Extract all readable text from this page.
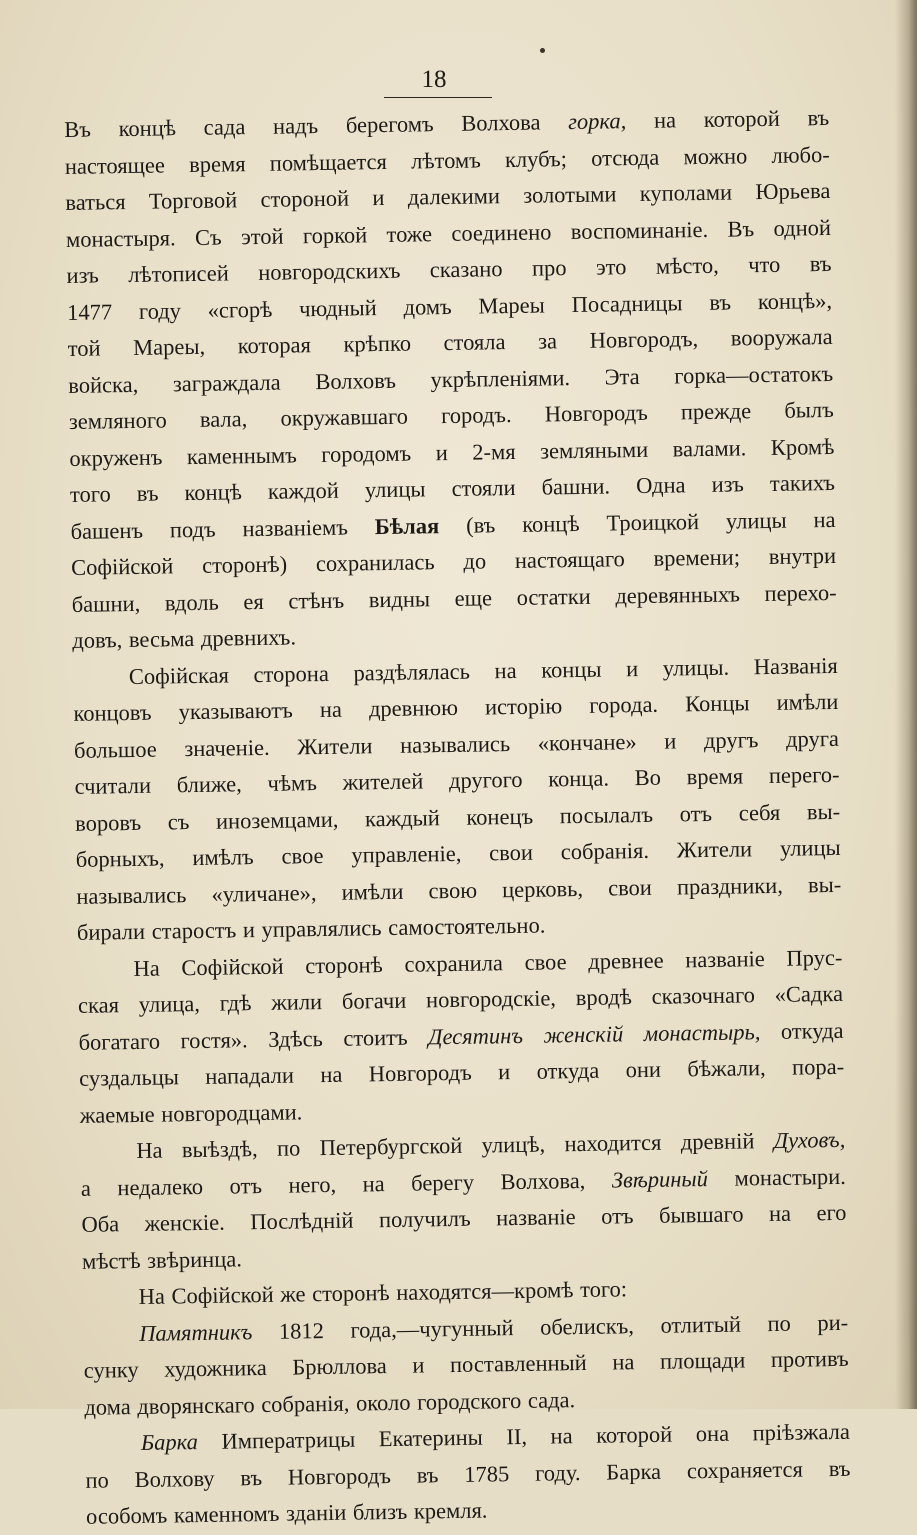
18
Въ концѣ сада надъ берегомъ Волхова горка, на которой въ
настоящее время помѣщается лѣтомъ клубъ; отсюда можно любо-
ваться Торговой стороной и далекими золотыми куполами Юрьева
монастыря. Съ этой горкой тоже соединено воспоминаніе. Въ одной
изъ лѣтописей новгородскихъ сказано про это мѣсто, что въ
1477 году «сгорѣ чюдный домъ Мареы Посадницы въ концѣ»,
той Мареы, которая крѣпко стояла за Новгородъ, вооружала
войска, заграждала Волховъ укрѣпленіями. Эта горка—остатокъ
земляного вала, окружавшаго городъ. Новгородъ прежде былъ
окруженъ каменнымъ городомъ и 2-мя земляными валами. Кромѣ
того въ концѣ каждой улицы стояли башни. Одна изъ такихъ
башенъ подъ названіемъ Бѣлая (въ концѣ Троицкой улицы на
Софійской сторонѣ) сохранилась до настоящаго времени; внутри
башни, вдоль ея стѣнъ видны еще остатки деревянныхъ перехо-
довъ, весьма древнихъ.
Софійская сторона раздѣлялась на концы и улицы. Названія
концовъ указываютъ на древнюю исторію города. Концы имѣли
большое значеніе. Жители назывались «кончане» и другъ друга
считали ближе, чѣмъ жителей другого конца. Во время перего-
воровъ съ иноземцами, каждый конецъ посылалъ отъ себя вы-
борныхъ, имѣлъ свое управленіе, свои собранія. Жители улицы
назывались «уличане», имѣли свою церковь, свои праздники, вы-
бирали старостъ и управлялись самостоятельно.
На Софійской сторонѣ сохранила свое древнее названіе Прус-
ская улица, гдѣ жили богачи новгородскіе, вродѣ сказочнаго «Садка
богатаго гостя». Здѣсь стоитъ Десятинъ женскій монастырь, откуда
суздальцы нападали на Новгородъ и откуда они бѣжали, пора-
жаемые новгородцами.
На выѣздѣ, по Петербургской улицѣ, находится древній Духовъ,
а недалеко отъ него, на берегу Волхова, Звѣриный монастыри.
Оба женскіе. Послѣдній получилъ названіе отъ бывшаго на его
мѣстѣ звѣринца.
На Софійской же сторонѣ находятся—кромѣ того:
Памятникъ 1812 года,—чугунный обелискъ, отлитый по ри-
сунку художника Брюллова и поставленный на площади противъ
дома дворянскаго собранія, около городского сада.
Барка Императрицы Екатерины II, на которой она пріѣзжала
по Волхову въ Новгородъ въ 1785 году. Барка сохраняется въ
особомъ каменномъ зданіи близъ кремля.
